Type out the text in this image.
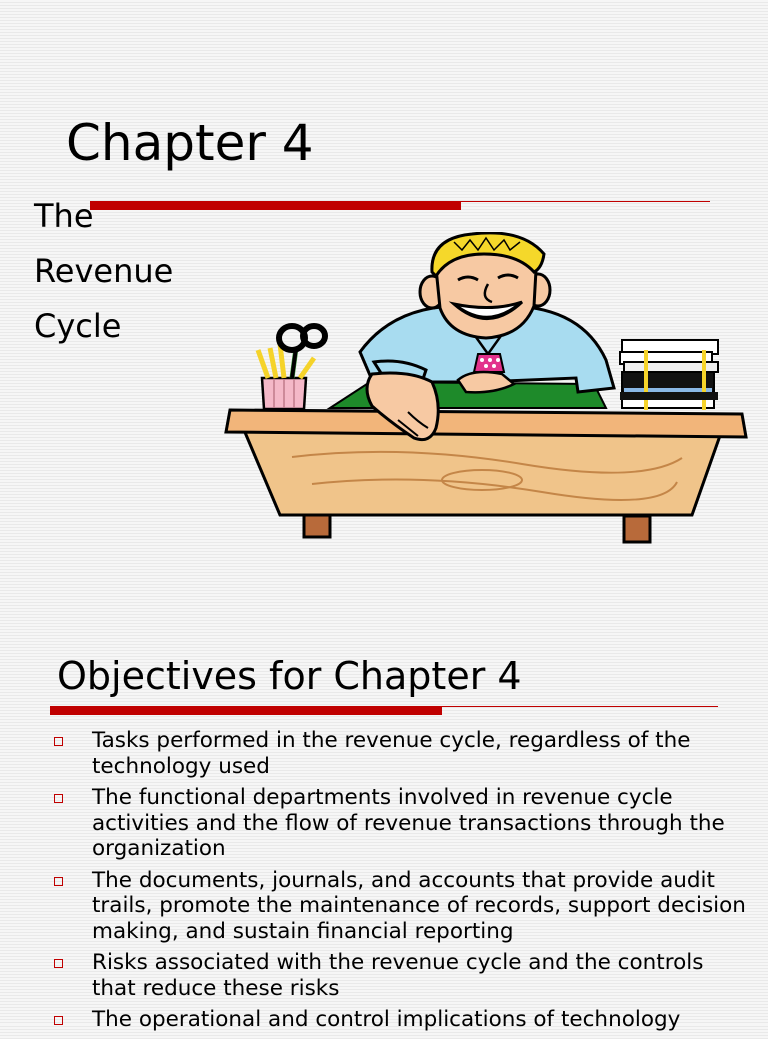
Chapter 4

The
Revenue
Cycle

Objectives for Chapter 4
Tasks performed in the revenue cycle, regardless of the technology used
The functional departments involved in revenue cycle activities and the flow of revenue transactions through the organization
The documents, journals, and accounts that provide audit trails, promote the maintenance of records, support decision making, and sustain financial reporting
Risks associated with the revenue cycle and the controls that reduce these risks
The operational and control implications of technology
